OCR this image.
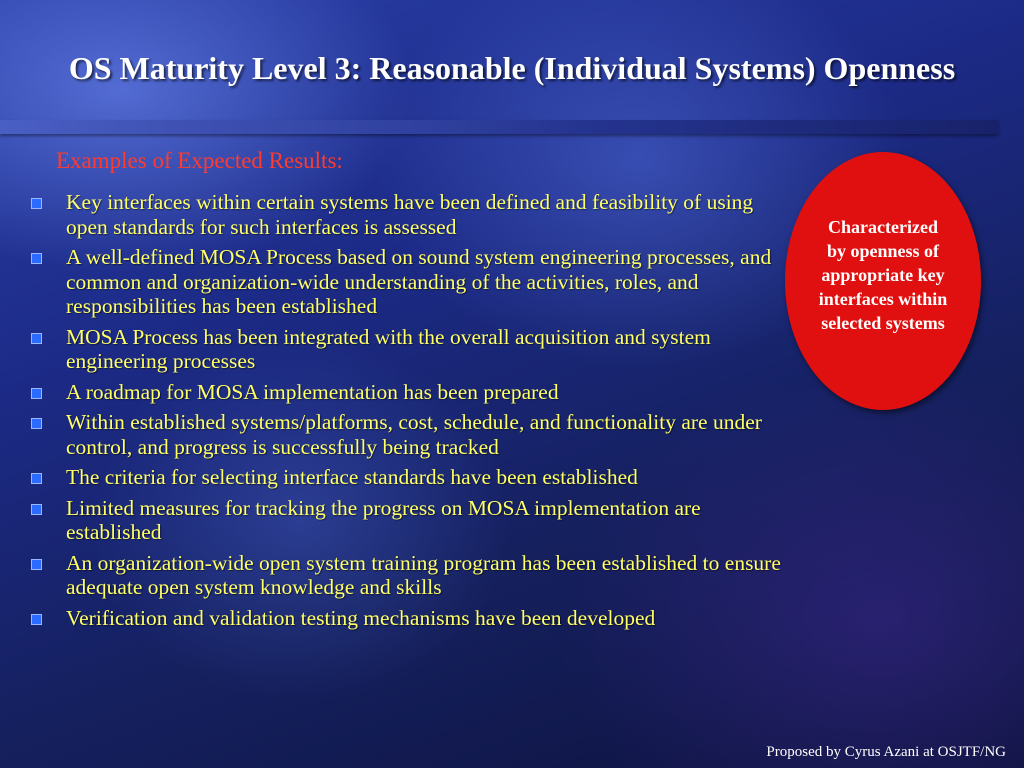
OS Maturity Level 3: Reasonable (Individual Systems) Openness
Examples of Expected Results:
Key interfaces within certain systems have been defined and feasibility of using open standards for such interfaces is assessed
A well-defined MOSA Process based on sound system engineering processes, and common and organization-wide understanding of the activities, roles, and responsibilities has been established
MOSA Process has been integrated with the overall acquisition and system engineering processes
A roadmap for MOSA implementation has been prepared
Within established systems/platforms, cost, schedule, and functionality are under control, and progress is successfully being tracked
The criteria for selecting interface standards have been established
Limited measures for tracking the progress on MOSA implementation are established
An organization-wide open system training program has been established to ensure adequate open system knowledge and skills
Verification and validation testing mechanisms have been developed
Characterized
by openness of
appropriate key
interfaces within
selected systems
Proposed by Cyrus Azani at OSJTF/NG
